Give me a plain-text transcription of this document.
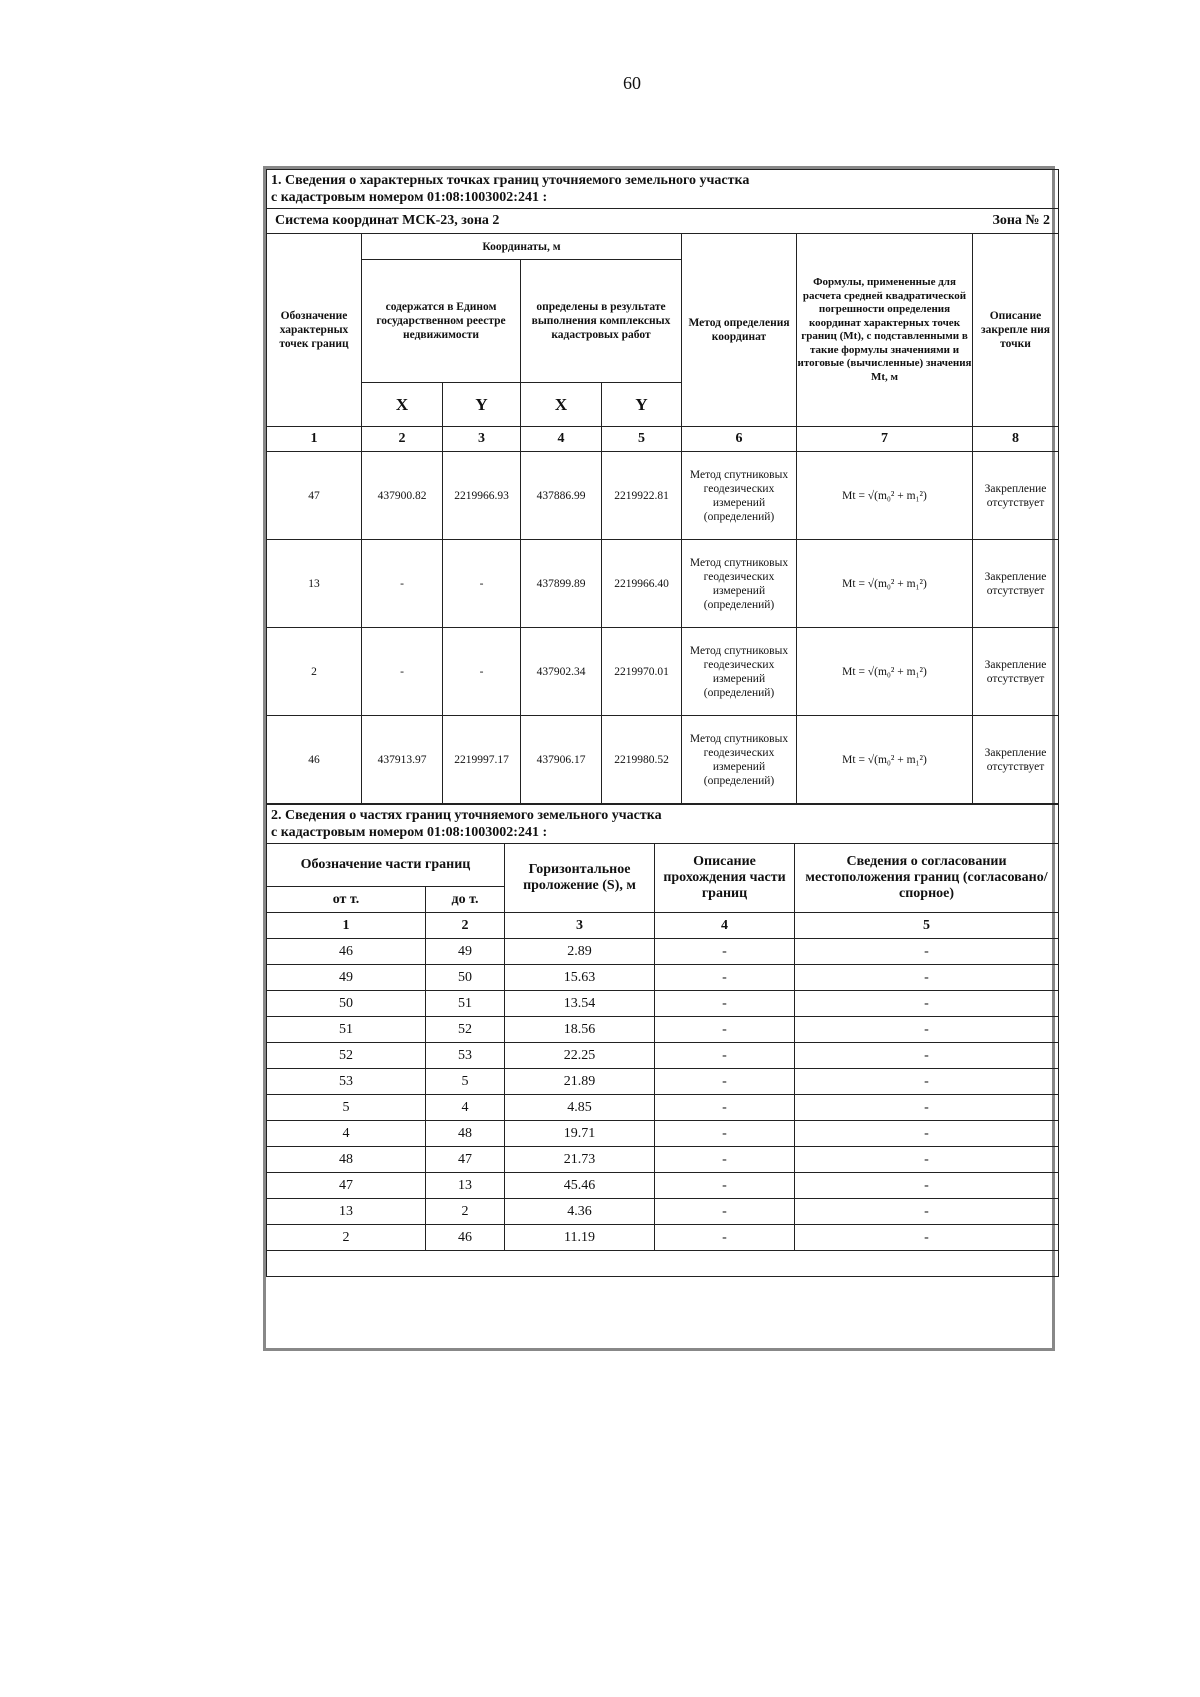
60
1. Сведения о характерных точках границ уточняемого земельного участка
с кадастровым номером 01:08:1003002:241 :							

Система координат МСК-23, зона 2 Зона № 2							

Обозначение характерных точек границ	Координаты, м				Метод определения координат	Формулы, примененные для расчета средней квадратической погрешности определения координат характерных точек границ (Mt), с подставленными в такие формулы значениями и итоговые (вычисленные) значения Mt, м	Описание закрепле ния точки
	содержатся в Едином государственном реестре недвижимости		определены в результате выполнения комплексных кадастровых работ				
	X	Y	X	Y			
1	2	3	4	5	6	7	8
47	437900.82	2219966.93	437886.99	2219922.81	Метод спутниковых геодезических измерений (определений)	Mt = √(m₀² + m₁²)	Закрепление отсутствует
13	-	-	437899.89	2219966.40	Метод спутниковых геодезических измерений (определений)	Mt = √(m₀² + m₁²)	Закрепление отсутствует
2	-	-	437902.34	2219970.01	Метод спутниковых геодезических измерений (определений)	Mt = √(m₀² + m₁²)	Закрепление отсутствует
46	437913.97	2219997.17	437906.17	2219980.52	Метод спутниковых геодезических измерений (определений)	Mt = √(m₀² + m₁²)	Закрепление отсутствует
2. Сведения о частях границ уточняемого земельного участка
с кадастровым номером 01:08:1003002:241 :				

Обозначение части границ		Горизонтальное проложение (S), м	Описание прохождения части границ	Сведения о согласовании местоположения границ (согласовано/спорное)
от т.	до т.			
1	2	3	4	5
46	49	2.89	-	-
49	50	15.63	-	-
50	51	13.54	-	-
51	52	18.56	-	-
52	53	22.25	-	-
53	5	21.89	-	-
5	4	4.85	-	-
4	48	19.71	-	-
48	47	21.73	-	-
47	13	45.46	-	-
13	2	4.36	-	-
2	46	11.19	-	-
